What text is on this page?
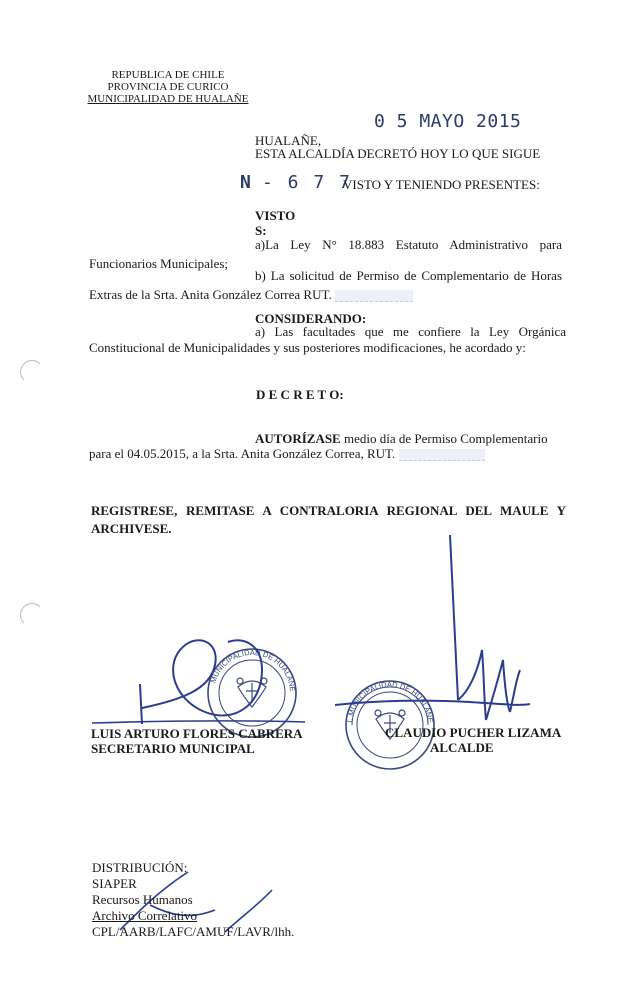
REPUBLICA DE CHILE
PROVINCIA DE CURICO
MUNICIPALIDAD DE HUALAÑE
0 5 MAYO 2015
HUALAÑE,
ESTA ALCALDÍA DECRETÓ HOY LO QUE SIGUE
N - 6 7 7
VISTO Y TENIENDO PRESENTES:
VISTO
S:
a)La Ley N° 18.883 Estatuto Administrativo para
Funcionarios Municipales;
b) La solicitud de Permiso de Complementario de Horas
Extras de la Srta. Anita González Correa RUT.
CONSIDERANDO:
a) Las facultades que me confiere la Ley Orgánica
Constitucional de Municipalidades y sus posteriores modificaciones, he acordado y:
D E C R E T O:
AUTORÍZASE medio día de Permiso Complementario
para el 04.05.2015, a la Srta. Anita González Correa, RUT.
REGISTRESE, REMITASE A CONTRALORIA REGIONAL DEL MAULE Y
ARCHIVESE.
MUNICIPALIDAD DE HUALAÑE
I. MUNICIPALIDAD DE HUALAÑE · ALCALDE
LUIS ARTURO FLORES CABRERA
SECRETARIO MUNICIPAL
CLAUDIO PUCHER LIZAMA
ALCALDE
DISTRIBUCIÓN:
SIAPER
Recursos Humanos
Archivo Correlativo
CPL/AARB/LAFC/AMUF/LAVR/lhh.
